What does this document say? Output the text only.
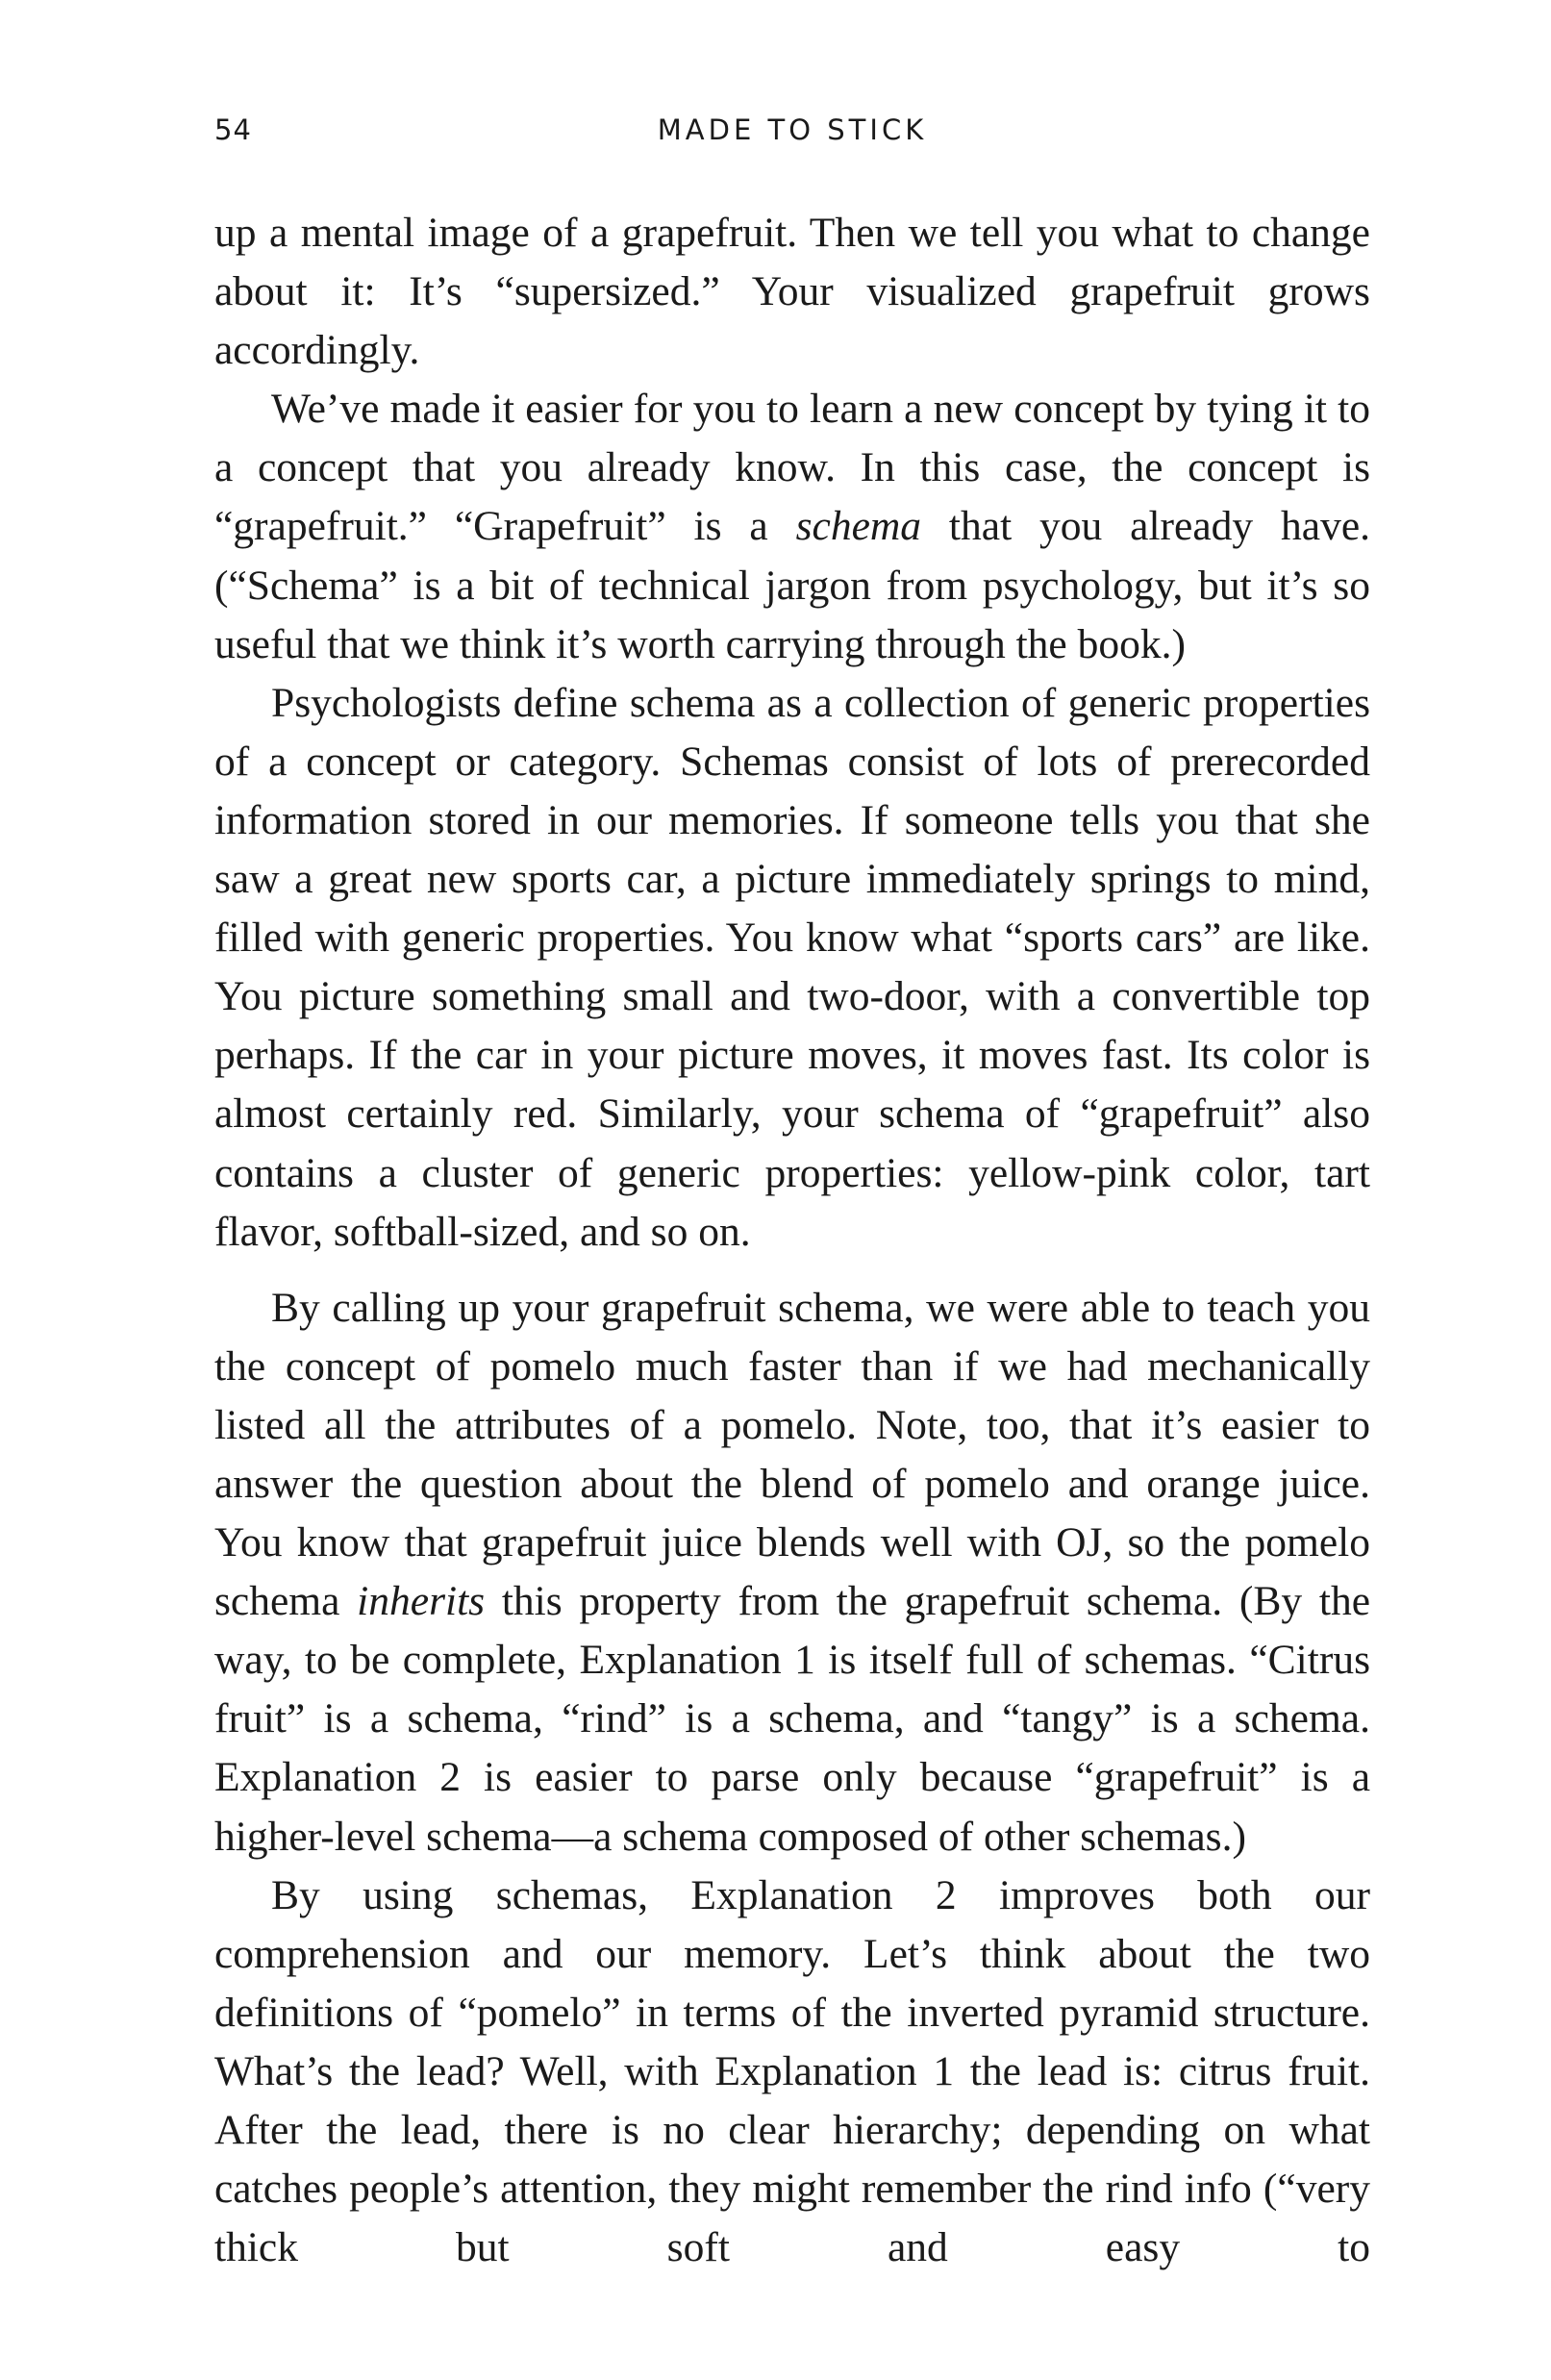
54	MADE TO STICK

up a mental image of a grapefruit. Then we tell you what to change about it: It’s “supersized.” Your visualized grapefruit grows accordingly.

We’ve made it easier for you to learn a new concept by tying it to a concept that you already know. In this case, the concept is “grapefruit.” “Grapefruit” is a schema that you already have. (“Schema” is a bit of technical jargon from psychology, but it’s so useful that we think it’s worth carrying through the book.)

Psychologists define schema as a collection of generic properties of a concept or category. Schemas consist of lots of prerecorded information stored in our memories. If someone tells you that she saw a great new sports car, a picture immediately springs to mind, filled with generic properties. You know what “sports cars” are like. You picture something small and two-door, with a convertible top perhaps. If the car in your picture moves, it moves fast. Its color is almost certainly red. Similarly, your schema of “grapefruit” also contains a cluster of generic properties: yellow-pink color, tart flavor, softball-sized, and so on.

By calling up your grapefruit schema, we were able to teach you the concept of pomelo much faster than if we had mechanically listed all the attributes of a pomelo. Note, too, that it’s easier to answer the question about the blend of pomelo and orange juice. You know that grapefruit juice blends well with OJ, so the pomelo schema inherits this property from the grapefruit schema. (By the way, to be complete, Explanation 1 is itself full of schemas. “Citrus fruit” is a schema, “rind” is a schema, and “tangy” is a schema. Explanation 2 is easier to parse only because “grapefruit” is a higher-level schema—a schema composed of other schemas.)

By using schemas, Explanation 2 improves both our comprehension and our memory. Let’s think about the two definitions of “pomelo” in terms of the inverted pyramid structure. What’s the lead? Well, with Explanation 1 the lead is: citrus fruit. After the lead, there is no clear hierarchy; depending on what catches people’s attention, they might remember the rind info (“very thick but soft and easy to
